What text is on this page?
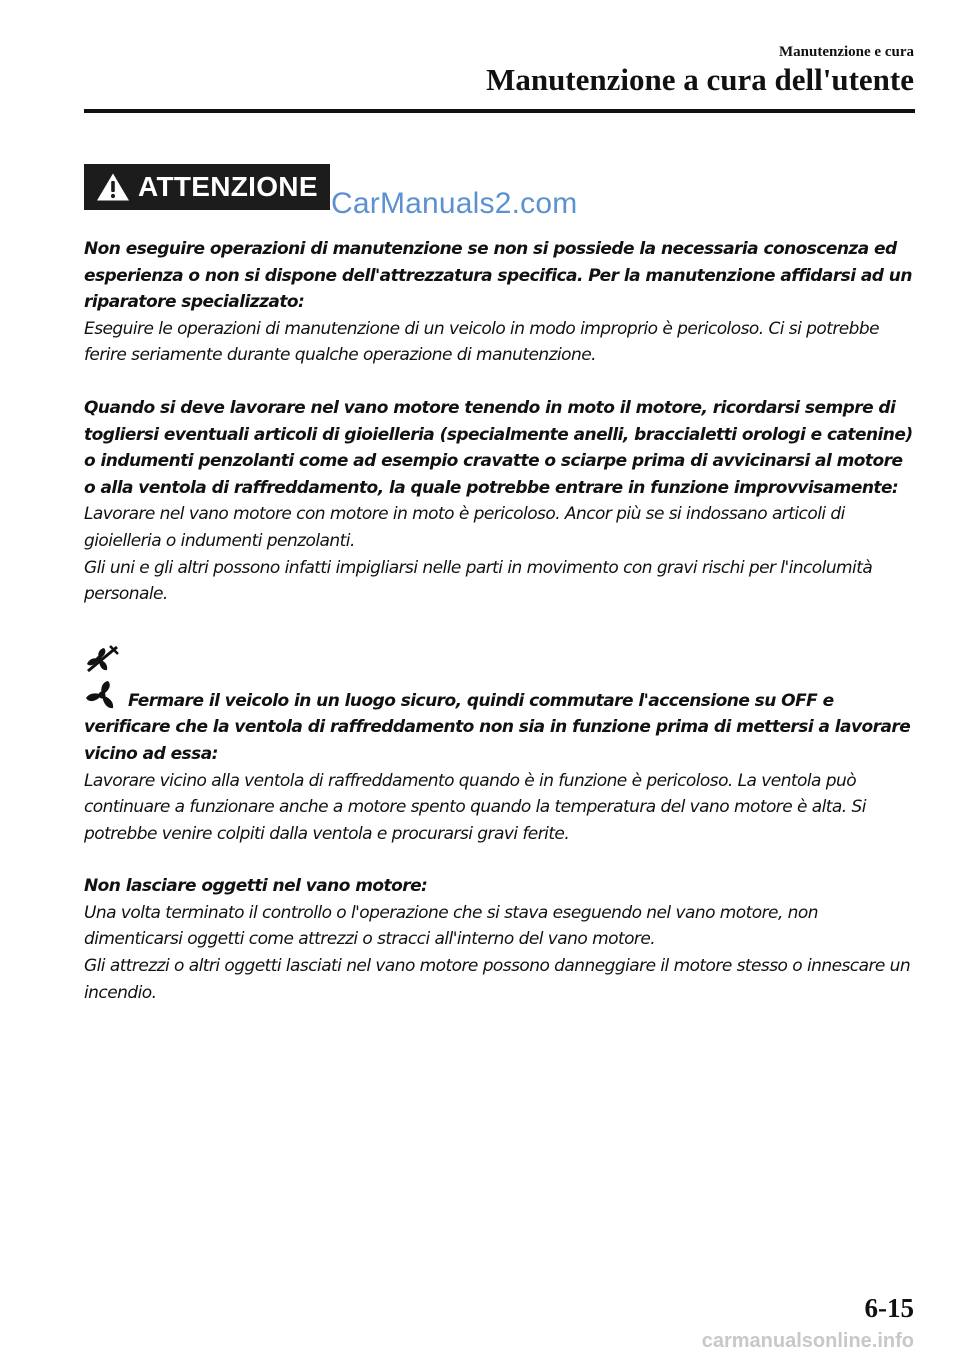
Manutenzione e cura
Manutenzione a cura dell'utente
ATTENZIONE
CarManuals2.com

Non eseguire operazioni di manutenzione se non si possiede la necessaria conoscenza ed esperienza o non si dispone dell'attrezzatura specifica. Per la manutenzione affidarsi ad un riparatore specializzato:

Eseguire le operazioni di manutenzione di un veicolo in modo improprio è pericoloso. Ci si potrebbe ferire seriamente durante qualche operazione di manutenzione.

Quando si deve lavorare nel vano motore tenendo in moto il motore, ricordarsi sempre di togliersi eventuali articoli di gioielleria (specialmente anelli, braccialetti orologi e catenine) o indumenti penzolanti come ad esempio cravatte o sciarpe prima di avvicinarsi al motore o alla ventola di raffreddamento, la quale potrebbe entrare in funzione improvvisamente:

Lavorare nel vano motore con motore in moto è pericoloso. Ancor più se si indossano articoli di gioielleria o indumenti penzolanti.

Gli uni e gli altri possono infatti impigliarsi nelle parti in movimento con gravi rischi per l'incolumità personale.

Fermare il veicolo in un luogo sicuro, quindi commutare l'accensione su OFF e verificare che la ventola di raffreddamento non sia in funzione prima di mettersi a lavorare vicino ad essa:

Lavorare vicino alla ventola di raffreddamento quando è in funzione è pericoloso. La ventola può continuare a funzionare anche a motore spento quando la temperatura del vano motore è alta. Si potrebbe venire colpiti dalla ventola e procurarsi gravi ferite.

Non lasciare oggetti nel vano motore:

Una volta terminato il controllo o l'operazione che si stava eseguendo nel vano motore, non dimenticarsi oggetti come attrezzi o stracci all'interno del vano motore.

Gli attrezzi o altri oggetti lasciati nel vano motore possono danneggiare il motore stesso o innescare un incendio.

6-15
carmanualsonline.info
